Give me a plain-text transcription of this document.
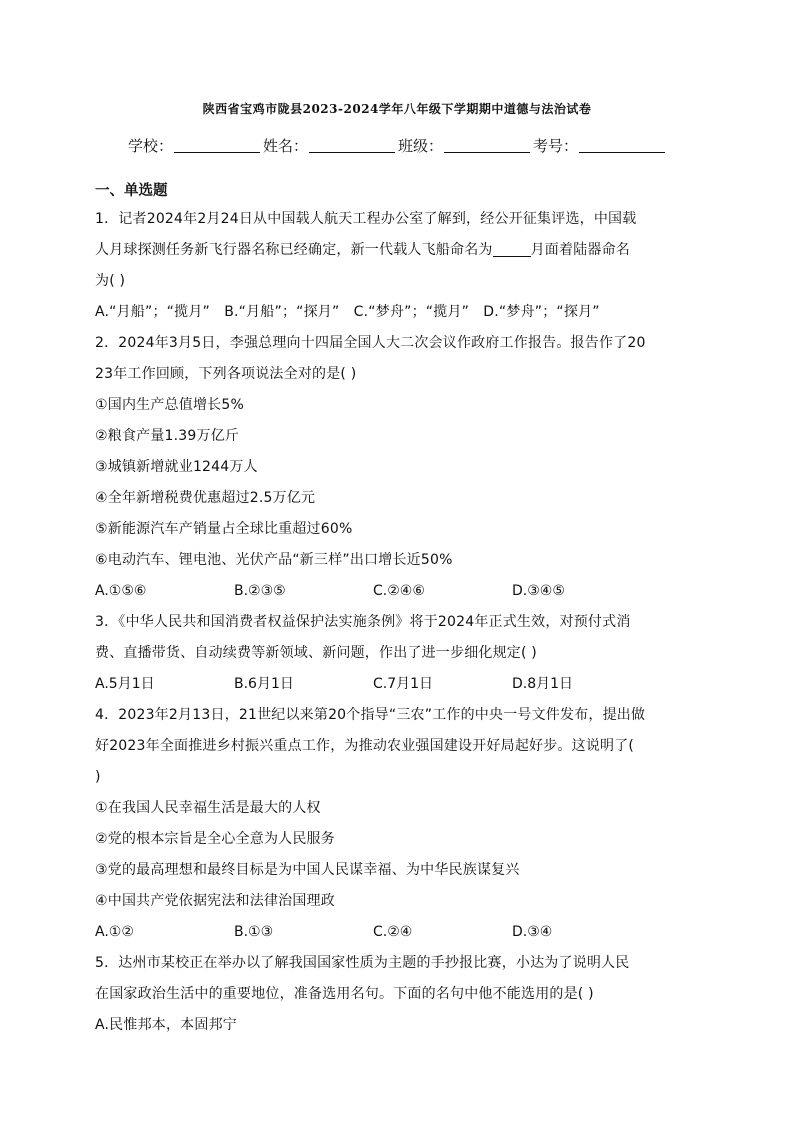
陕西省宝鸡市陇县2023-2024学年八年级下学期期中道德与法治试卷
学校：	姓名：	班级：	考号：
一、单选题
1．记者2024年2月24日从中国载人航天工程办公室了解到，经公开征集评选，中国载
人月球探测任务新飞行器名称已经确定，新一代载人飞船命名为	月面着陆器命名
为( )
A.“月船”；“揽月”　B.“月船”；“探月”　C.“梦舟”；“揽月”　D.“梦舟”；“探月”
2．2024年3月5日，李强总理向十四届全国人大二次会议作政府工作报告。报告作了20
23年工作回顾，下列各项说法全对的是( )
①国内生产总值增长5%
②粮食产量1.39万亿斤
③城镇新增就业1244万人
④全年新增税费优惠超过2.5万亿元
⑤新能源汽车产销量占全球比重超过60%
⑥电动汽车、锂电池、光伏产品“新三样”出口增长近50%
A.①⑤⑥	B.②③⑤	C.②④⑥	D.③④⑤
3．《中华人民共和国消费者权益保护法实施条例》将于2024年正式生效，对预付式消
费、直播带货、自动续费等新领域、新问题，作出了进一步细化规定( )
A.5月1日	B.6月1日	C.7月1日	D.8月1日
4．2023年2月13日，21世纪以来第20个指导“三农”工作的中央一号文件发布，提出做
好2023年全面推进乡村振兴重点工作，为推动农业强国建设开好局起好步。这说明了(
)
①在我国人民幸福生活是最大的人权
②党的根本宗旨是全心全意为人民服务
③党的最高理想和最终目标是为中国人民谋幸福、为中华民族谋复兴
④中国共产党依据宪法和法律治国理政
A.①②	B.①③	C.②④	D.③④
5．达州市某校正在举办以了解我国国家性质为主题的手抄报比赛，小达为了说明人民
在国家政治生活中的重要地位，准备选用名句。下面的名句中他不能选用的是( )
A.民惟邦本，本固邦宁
